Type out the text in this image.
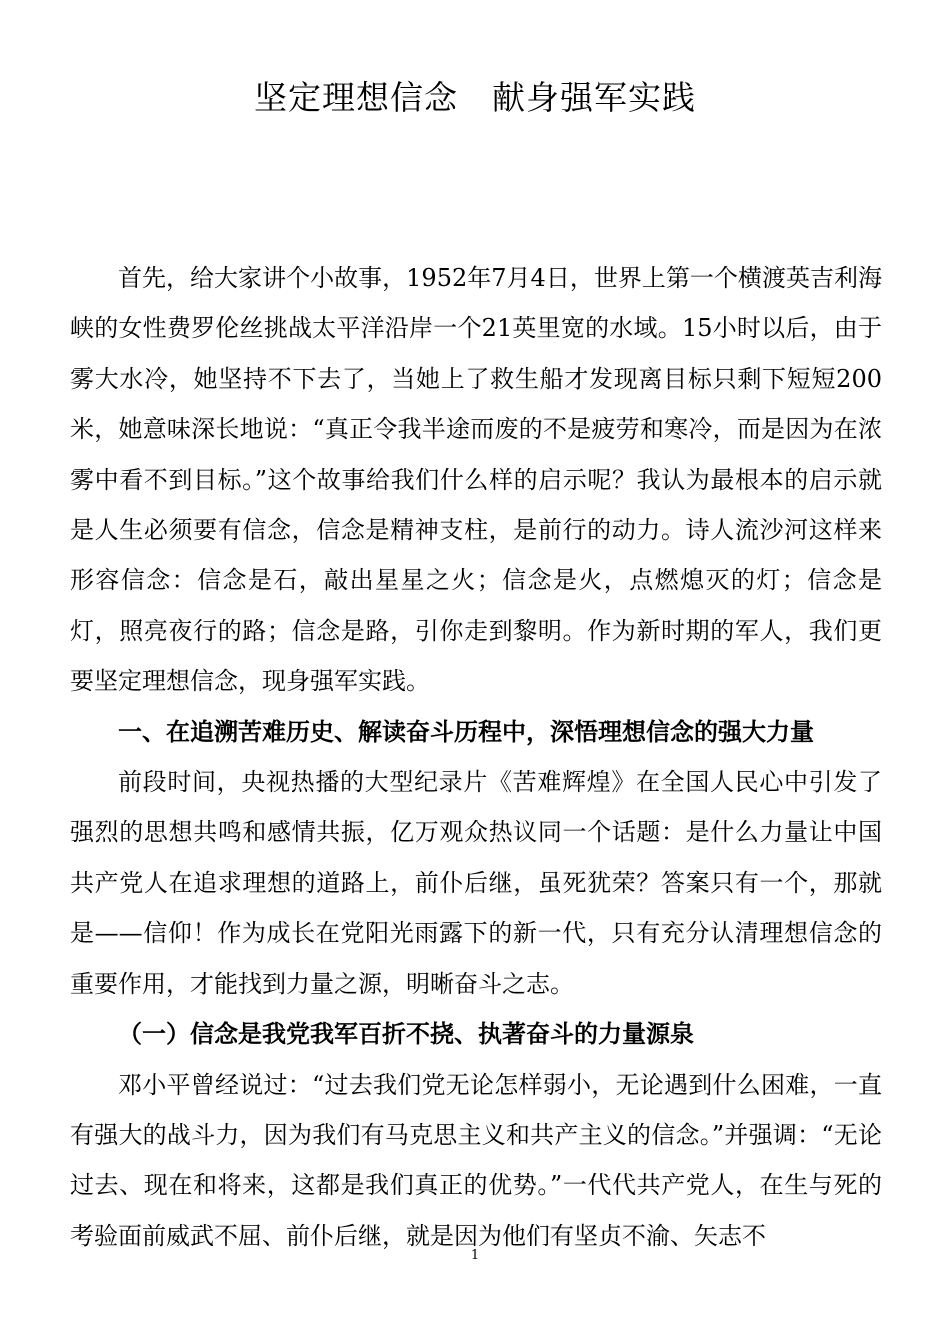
坚定理想信念　献身强军实践

首先，给大家讲个小故事，1952年7月4日，世界上第一个横渡英吉利海峡的女性费罗伦丝挑战太平洋沿岸一个21英里宽的水域。15小时以后，由于雾大水冷，她坚持不下去了，当她上了救生船才发现离目标只剩下短短200米，她意味深长地说：“真正令我半途而废的不是疲劳和寒冷，而是因为在浓雾中看不到目标。”这个故事给我们什么样的启示呢？我认为最根本的启示就是人生必须要有信念，信念是精神支柱，是前行的动力。诗人流沙河这样来形容信念：信念是石，敲出星星之火；信念是火，点燃熄灭的灯；信念是灯，照亮夜行的路；信念是路，引你走到黎明。作为新时期的军人，我们更要坚定理想信念，现身强军实践。

一、在追溯苦难历史、解读奋斗历程中，深悟理想信念的强大力量

前段时间，央视热播的大型纪录片《苦难辉煌》在全国人民心中引发了强烈的思想共鸣和感情共振，亿万观众热议同一个话题：是什么力量让中国共产党人在追求理想的道路上，前仆后继，虽死犹荣？答案只有一个，那就是——信仰！作为成长在党阳光雨露下的新一代，只有充分认清理想信念的重要作用，才能找到力量之源，明晰奋斗之志。

（一）信念是我党我军百折不挠、执著奋斗的力量源泉

邓小平曾经说过：“过去我们党无论怎样弱小，无论遇到什么困难，一直有强大的战斗力，因为我们有马克思主义和共产主义的信念。”并强调：“无论过去、现在和将来，这都是我们真正的优势。”一代代共产党人，在生与死的考验面前威武不屈、前仆后继，就是因为他们有坚贞不渝、矢志不

1
